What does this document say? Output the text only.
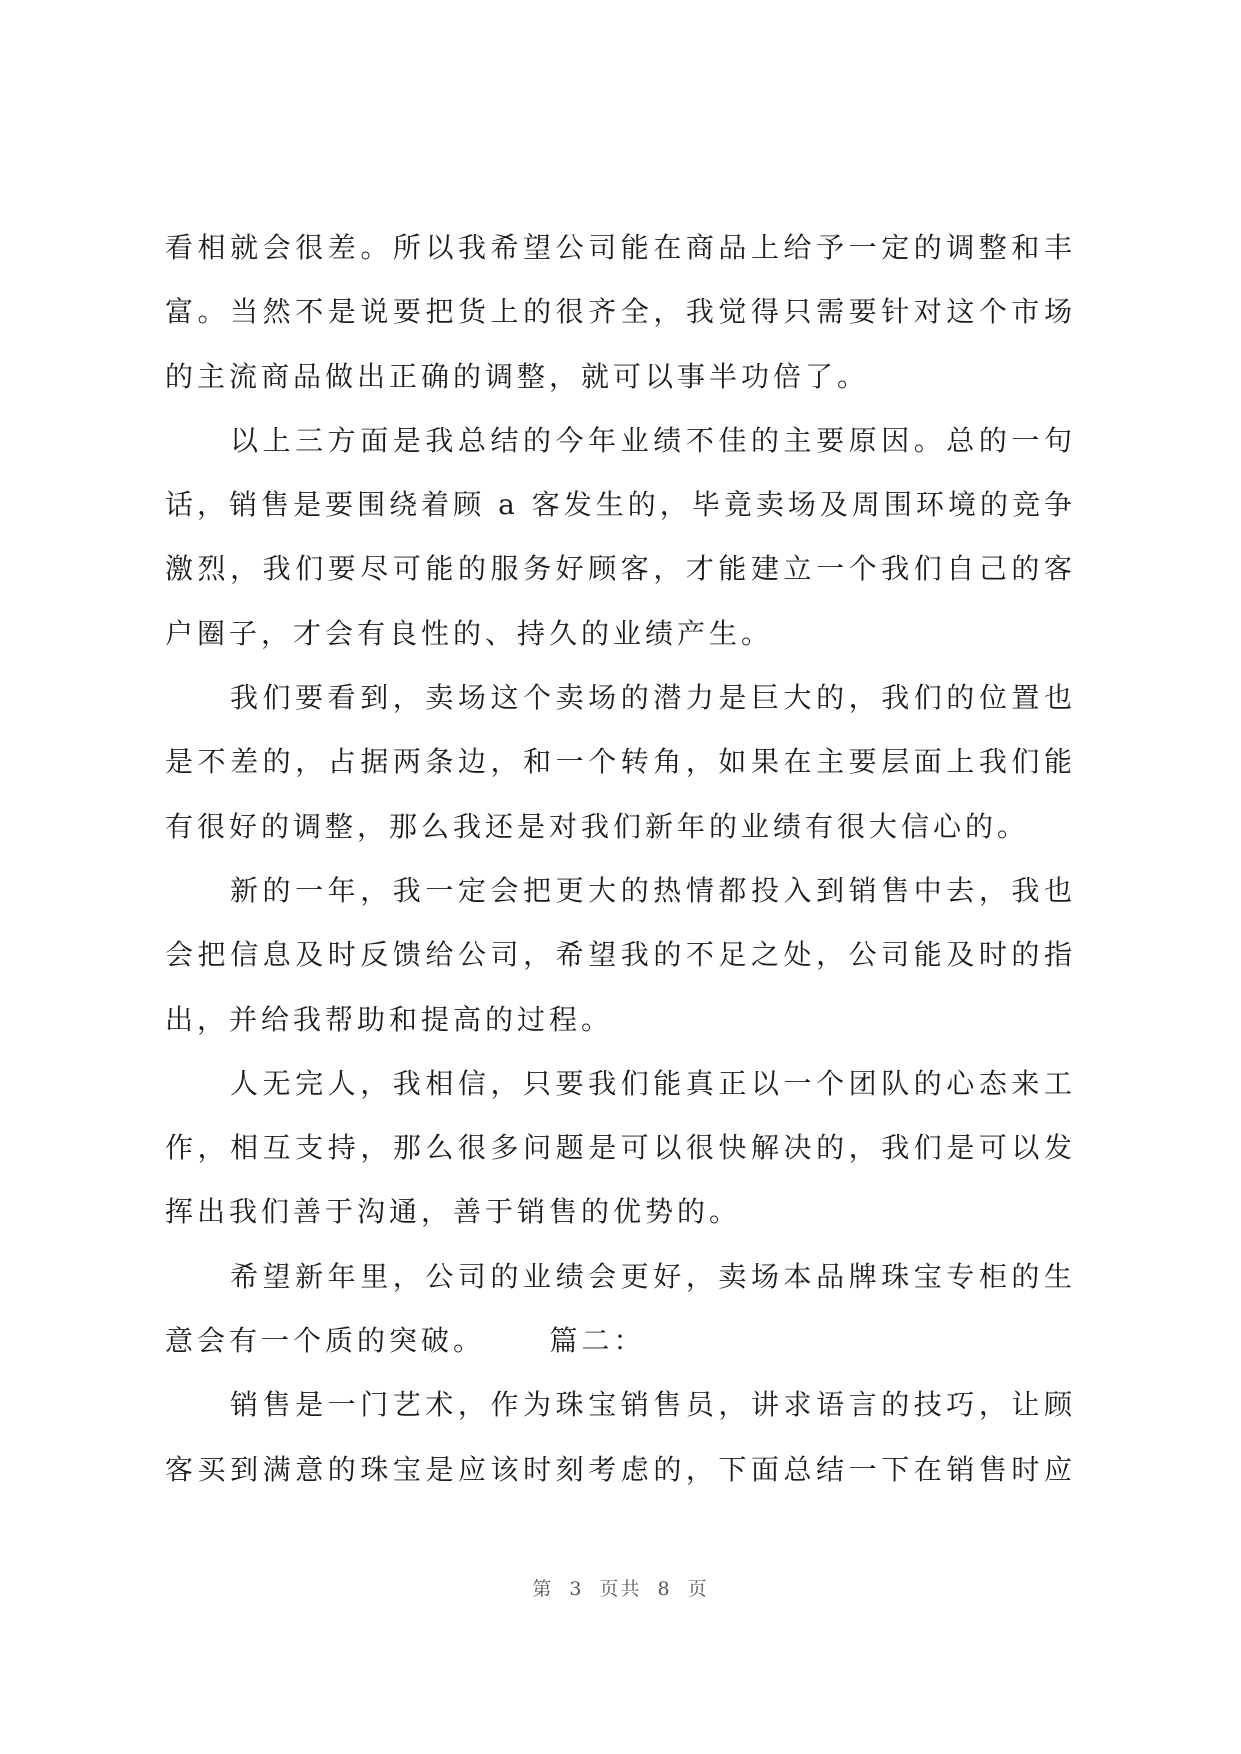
看相就会很差。所以我希望公司能在商品上给予一定的调整和丰
富。当然不是说要把货上的很齐全，我觉得只需要针对这个市场
的主流商品做出正确的调整，就可以事半功倍了。
以上三方面是我总结的今年业绩不佳的主要原因。总的一句
话，销售是要围绕着顾 a 客发生的，毕竟卖场及周围环境的竞争
激烈，我们要尽可能的服务好顾客，才能建立一个我们自己的客
户圈子，才会有良性的、持久的业绩产生。
我们要看到，卖场这个卖场的潜力是巨大的，我们的位置也
是不差的，占据两条边，和一个转角，如果在主要层面上我们能
有很好的调整，那么我还是对我们新年的业绩有很大信心的。
新的一年，我一定会把更大的热情都投入到销售中去，我也
会把信息及时反馈给公司，希望我的不足之处，公司能及时的指
出，并给我帮助和提高的过程。
人无完人，我相信，只要我们能真正以一个团队的心态来工
作，相互支持，那么很多问题是可以很快解决的，我们是可以发
挥出我们善于沟通，善于销售的优势的。
希望新年里，公司的业绩会更好，卖场本品牌珠宝专柜的生
意会有一个质的突破。     篇二：
销售是一门艺术，作为珠宝销售员，讲求语言的技巧，让顾
客买到满意的珠宝是应该时刻考虑的，下面总结一下在销售时应
第 3 页共 8 页
